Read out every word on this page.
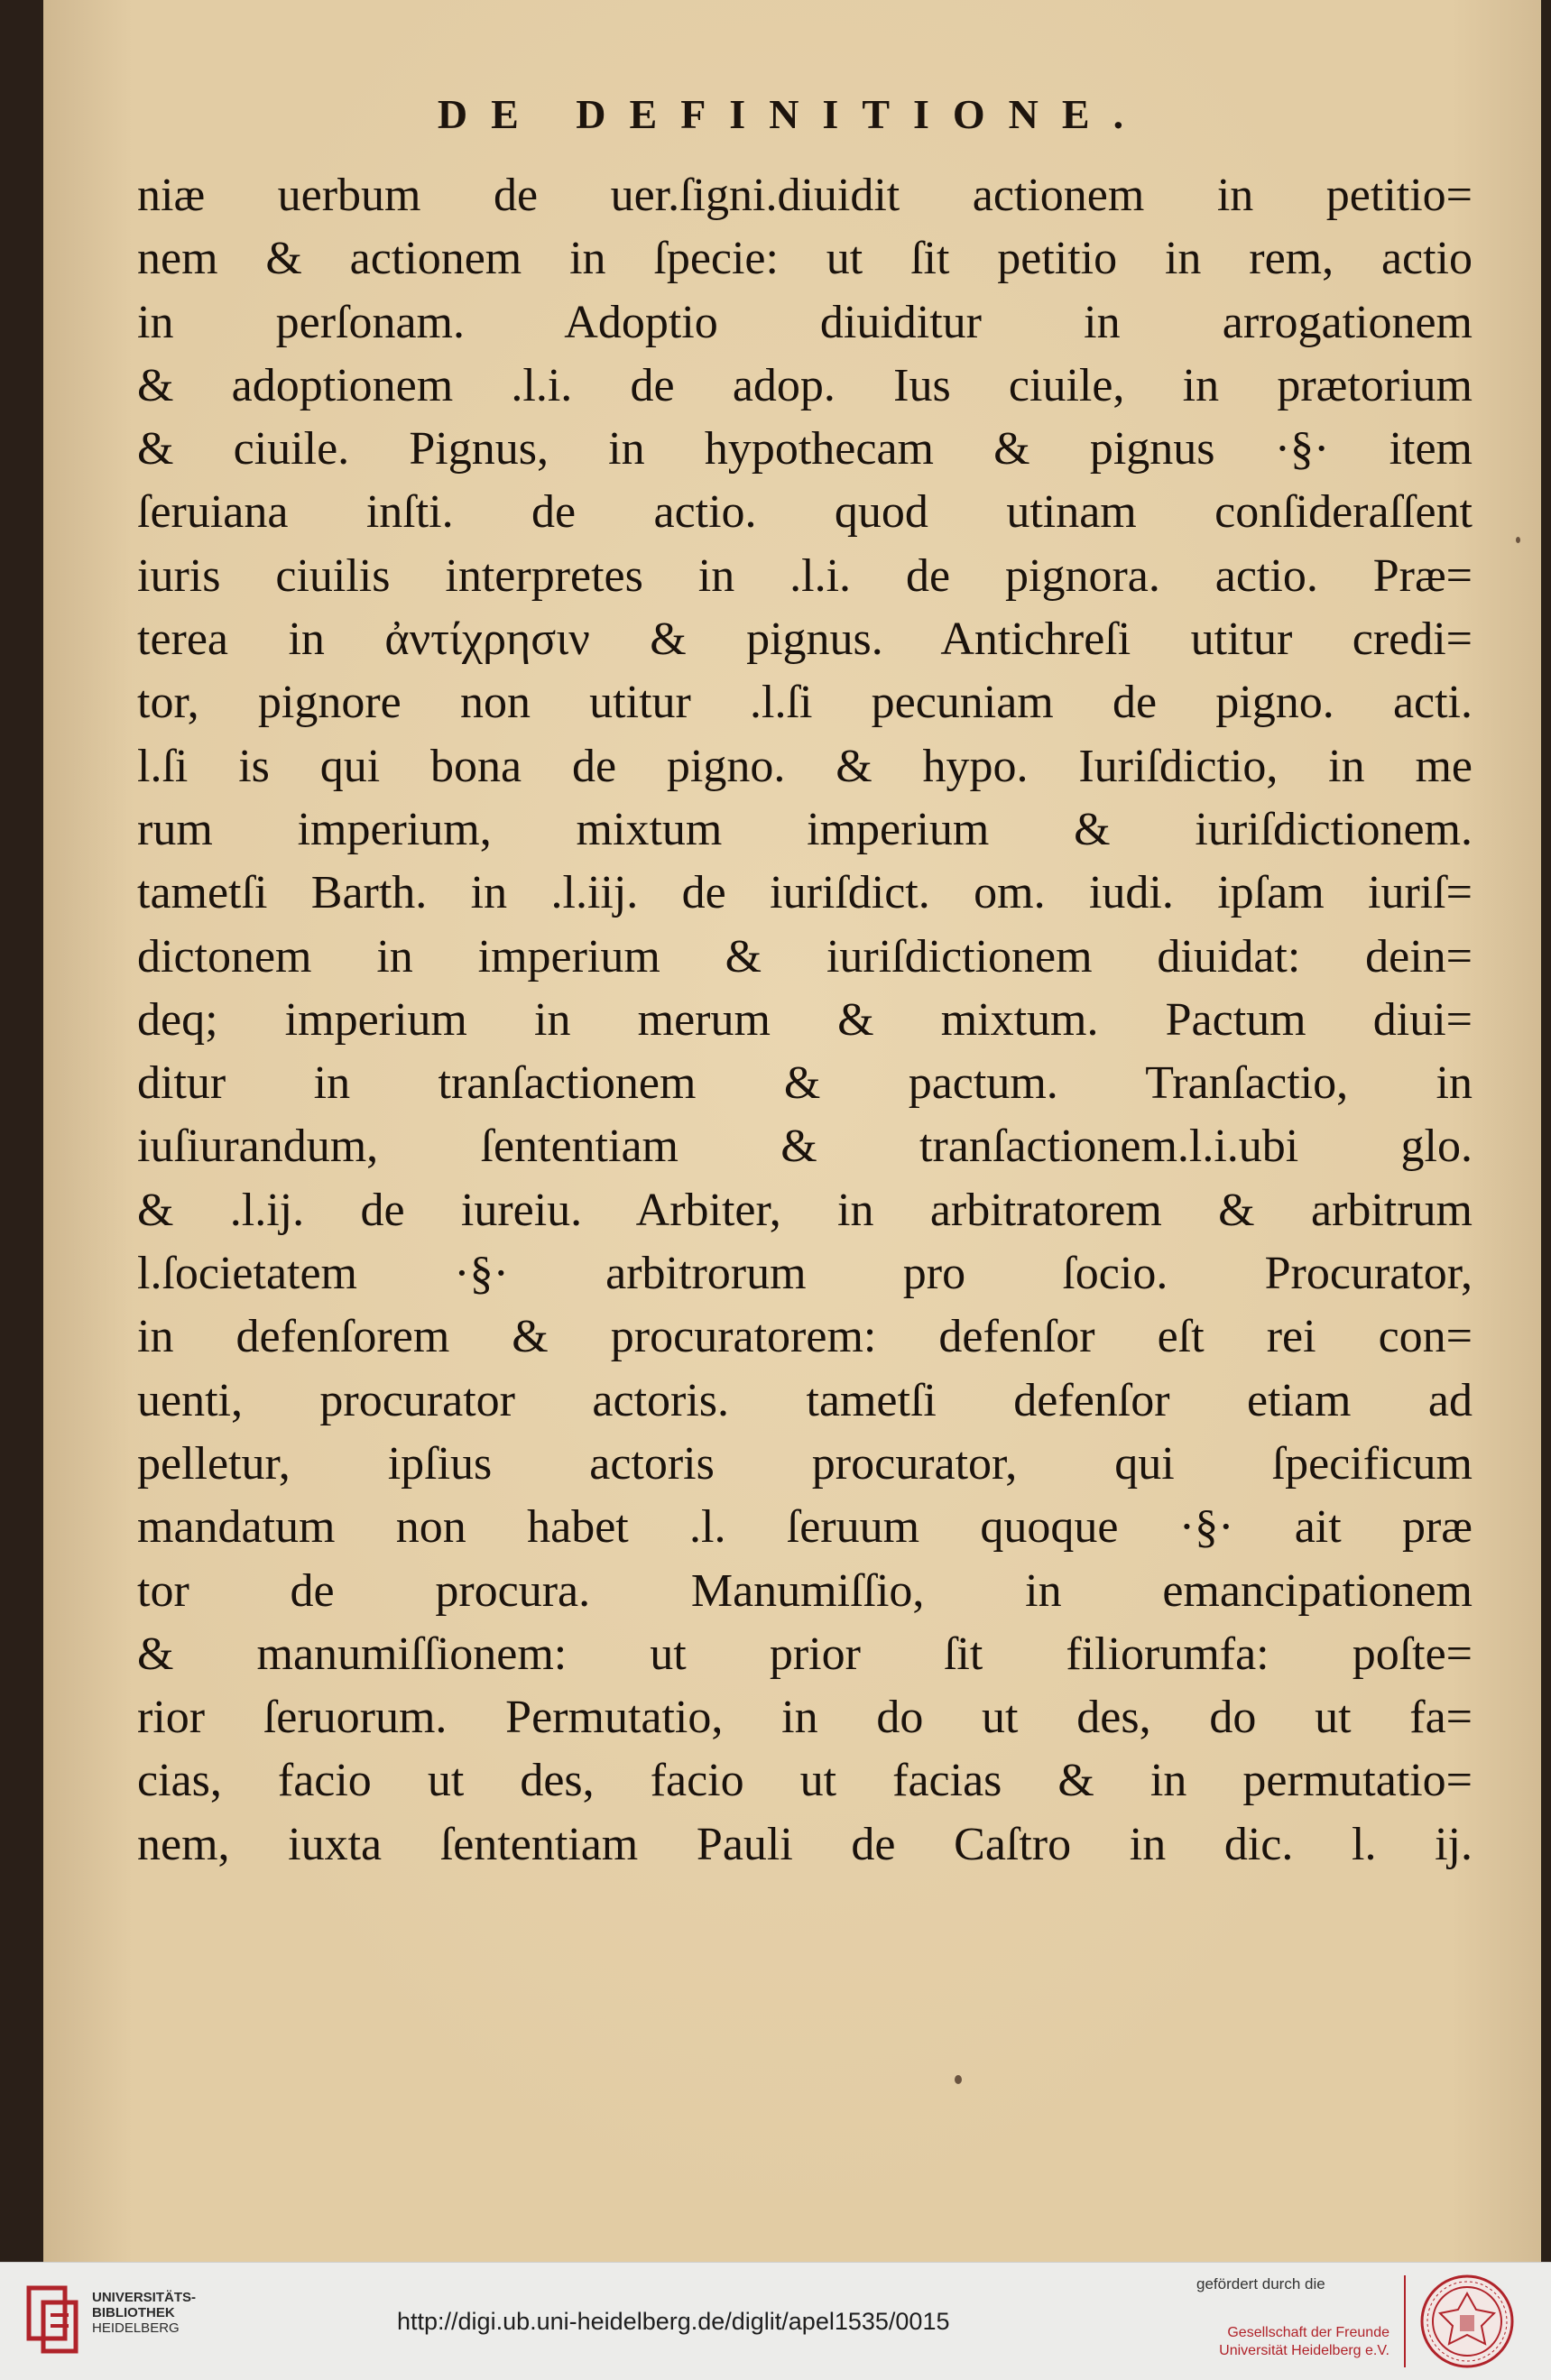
DE DEFINITIONE.
niæ uerbum de uer.ſigni.diuidit actionem in petitio=
nem & actionem in ſpecie: ut ſit petitio in rem, actio
in perſonam. Adoptio diuiditur in arrogationem
& adoptionem .l.i. de adop. Ius ciuile, in prætorium
& ciuile. Pignus, in hypothecam & pignus ·§· item
ſeruiana inſti. de actio. quod utinam conſideraſſent
iuris ciuilis interpretes in .l.i. de pignora. actio. Præ=
terea in ἀντίχρησιν & pignus. Antichreſi utitur credi=
tor, pignore non utitur .l.ſi pecuniam de pigno. acti.
l.ſi is qui bona de pigno. & hypo. Iuriſdictio, in me
rum imperium, mixtum imperium & iuriſdictionem.
tametſi Barth. in .l.iij. de iuriſdict. om. iudi. ipſam iuriſ=
dictonem in imperium & iuriſdictionem diuidat: dein=
deq; imperium in merum & mixtum. Pactum diui=
ditur in tranſactionem & pactum. Tranſactio, in
iuſiurandum, ſententiam & tranſactionem.l.i.ubi glo.
& .l.ij. de iureiu. Arbiter, in arbitratorem & arbitrum
l.ſocietatem ·§· arbitrorum pro ſocio. Procurator,
in defenſorem & procuratorem: defenſor eſt rei con=
uenti, procurator actoris. tametſi defenſor etiam ad
pelletur, ipſius actoris procurator, qui ſpecificum
mandatum non habet .l. ſeruum quoque ·§· ait præ
tor de procura. Manumiſſio, in emancipationem
& manumiſſionem: ut prior ſit filiorumfa: poſte=
rior ſeruorum. Permutatio, in do ut des, do ut fa=
cias, facio ut des, facio ut facias & in permutatio=
nem, iuxta ſententiam Pauli de Caſtro in dic. l. ij.
UNIVERSITÄTS-
BIBLIOTHEK
HEIDELBERG	http://digi.ub.uni-heidelberg.de/diglit/apel1535/0015
gefördert durch die
Gesellschaft der Freunde
Universität Heidelberg e.V.
